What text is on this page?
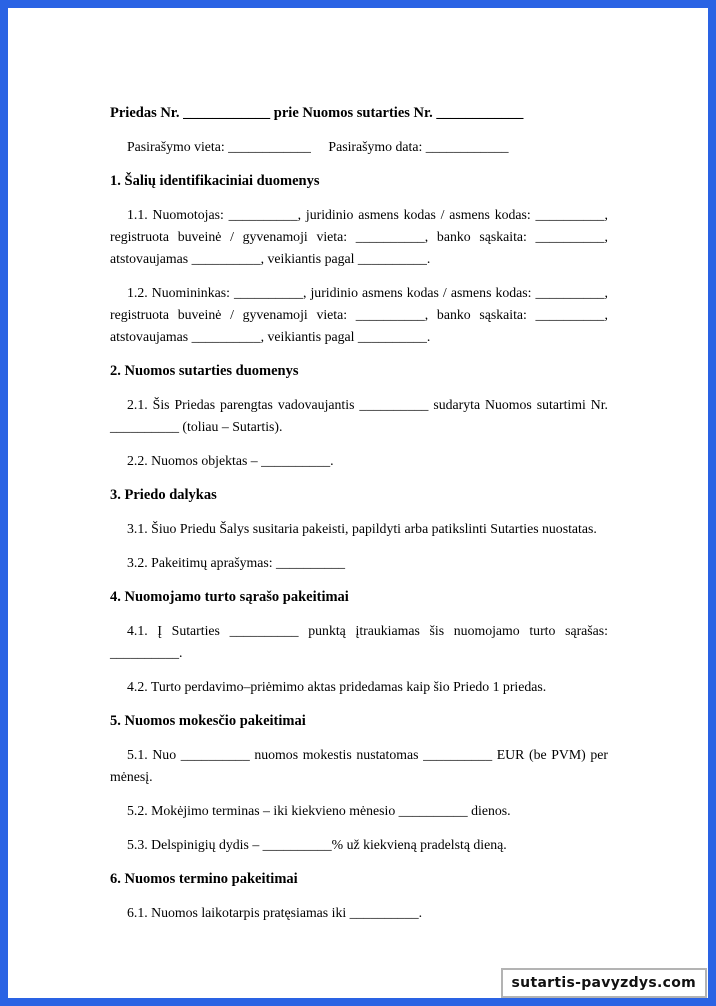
Priedas Nr. ____________ prie Nuomos sutarties Nr. ____________

Pasirašymo vieta: ____________ Pasirašymo data: ____________

1. Šalių identifikaciniai duomenys

1.1. Nuomotojas: __________, juridinio asmens kodas / asmens kodas: __________, registruota buveinė / gyvenamoji vieta: __________, banko sąskaita: __________, atstovaujamas __________, veikiantis pagal __________.

1.2. Nuomininkas: __________, juridinio asmens kodas / asmens kodas: __________, registruota buveinė / gyvenamoji vieta: __________, banko sąskaita: __________, atstovaujamas __________, veikiantis pagal __________.

2. Nuomos sutarties duomenys

2.1. Šis Priedas parengtas vadovaujantis __________ sudaryta Nuomos sutartimi Nr. __________ (toliau – Sutartis).

2.2. Nuomos objektas – __________.

3. Priedo dalykas

3.1. Šiuo Priedu Šalys susitaria pakeisti, papildyti arba patikslinti Sutarties nuostatas.

3.2. Pakeitimų aprašymas: __________

4. Nuomojamo turto sąrašo pakeitimai

4.1. Į Sutarties __________ punktą įtraukiamas šis nuomojamo turto sąrašas: __________.

4.2. Turto perdavimo–priėmimo aktas pridedamas kaip šio Priedo 1 priedas.

5. Nuomos mokesčio pakeitimai

5.1. Nuo __________ nuomos mokestis nustatomas __________ EUR (be PVM) per mėnesį.

5.2. Mokėjimo terminas – iki kiekvieno mėnesio __________ dienos.

5.3. Delspinigių dydis – __________% už kiekvieną pradelstą dieną.

6. Nuomos termino pakeitimai

6.1. Nuomos laikotarpis pratęsiamas iki __________.

sutartis-pavyzdys.com
